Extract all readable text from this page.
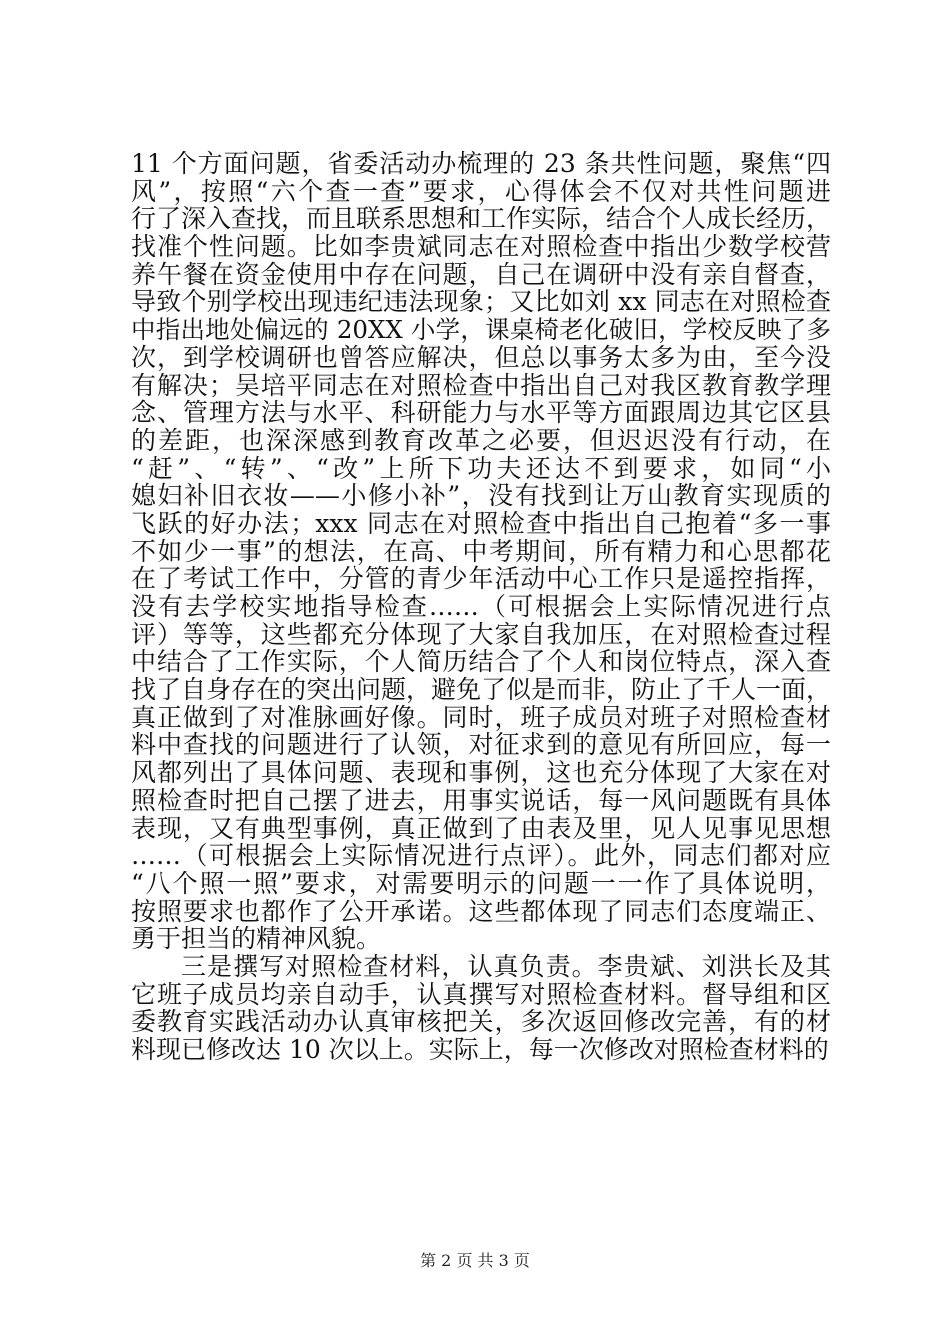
11 个方面问题，省委活动办梳理的 23 条共性问题，聚焦“四
风”，按照“六个查一查”要求，心得体会不仅对共性问题进
行了深入查找，而且联系思想和工作实际，结合个人成长经历，
找准个性问题。比如李贵斌同志在对照检查中指出少数学校营
养午餐在资金使用中存在问题，自己在调研中没有亲自督查，
导致个别学校出现违纪违法现象；又比如刘 xx 同志在对照检查
中指出地处偏远的 20XX 小学，课桌椅老化破旧，学校反映了多
次，到学校调研也曾答应解决，但总以事务太多为由，至今没
有解决；吴培平同志在对照检查中指出自己对我区教育教学理
念、管理方法与水平、科研能力与水平等方面跟周边其它区县
的差距，也深深感到教育改革之必要，但迟迟没有行动，在
“赶”、“转”、“改”上所下功夫还达不到要求，如同“小
媳妇补旧衣妆——小修小补”，没有找到让万山教育实现质的
飞跃的好办法；xxx 同志在对照检查中指出自己抱着“多一事
不如少一事”的想法，在高、中考期间，所有精力和心思都花
在了考试工作中，分管的青少年活动中心工作只是遥控指挥，
没有去学校实地指导检查……（可根据会上实际情况进行点
评）等等，这些都充分体现了大家自我加压，在对照检查过程
中结合了工作实际，个人简历结合了个人和岗位特点，深入查
找了自身存在的突出问题，避免了似是而非，防止了千人一面，
真正做到了对准脉画好像。同时，班子成员对班子对照检查材
料中查找的问题进行了认领，对征求到的意见有所回应，每一
风都列出了具体问题、表现和事例，这也充分体现了大家在对
照检查时把自己摆了进去，用事实说话，每一风问题既有具体
表现，又有典型事例，真正做到了由表及里，见人见事见思想
……（可根据会上实际情况进行点评）。此外，同志们都对应
“八个照一照”要求，对需要明示的问题一一作了具体说明，
按照要求也都作了公开承诺。这些都体现了同志们态度端正、
勇于担当的精神风貌。
三是撰写对照检查材料，认真负责。李贵斌、刘洪长及其
它班子成员均亲自动手，认真撰写对照检查材料。督导组和区
委教育实践活动办认真审核把关，多次返回修改完善，有的材
料现已修改达 10 次以上。实际上，每一次修改对照检查材料的
第 2 页 共 3 页
